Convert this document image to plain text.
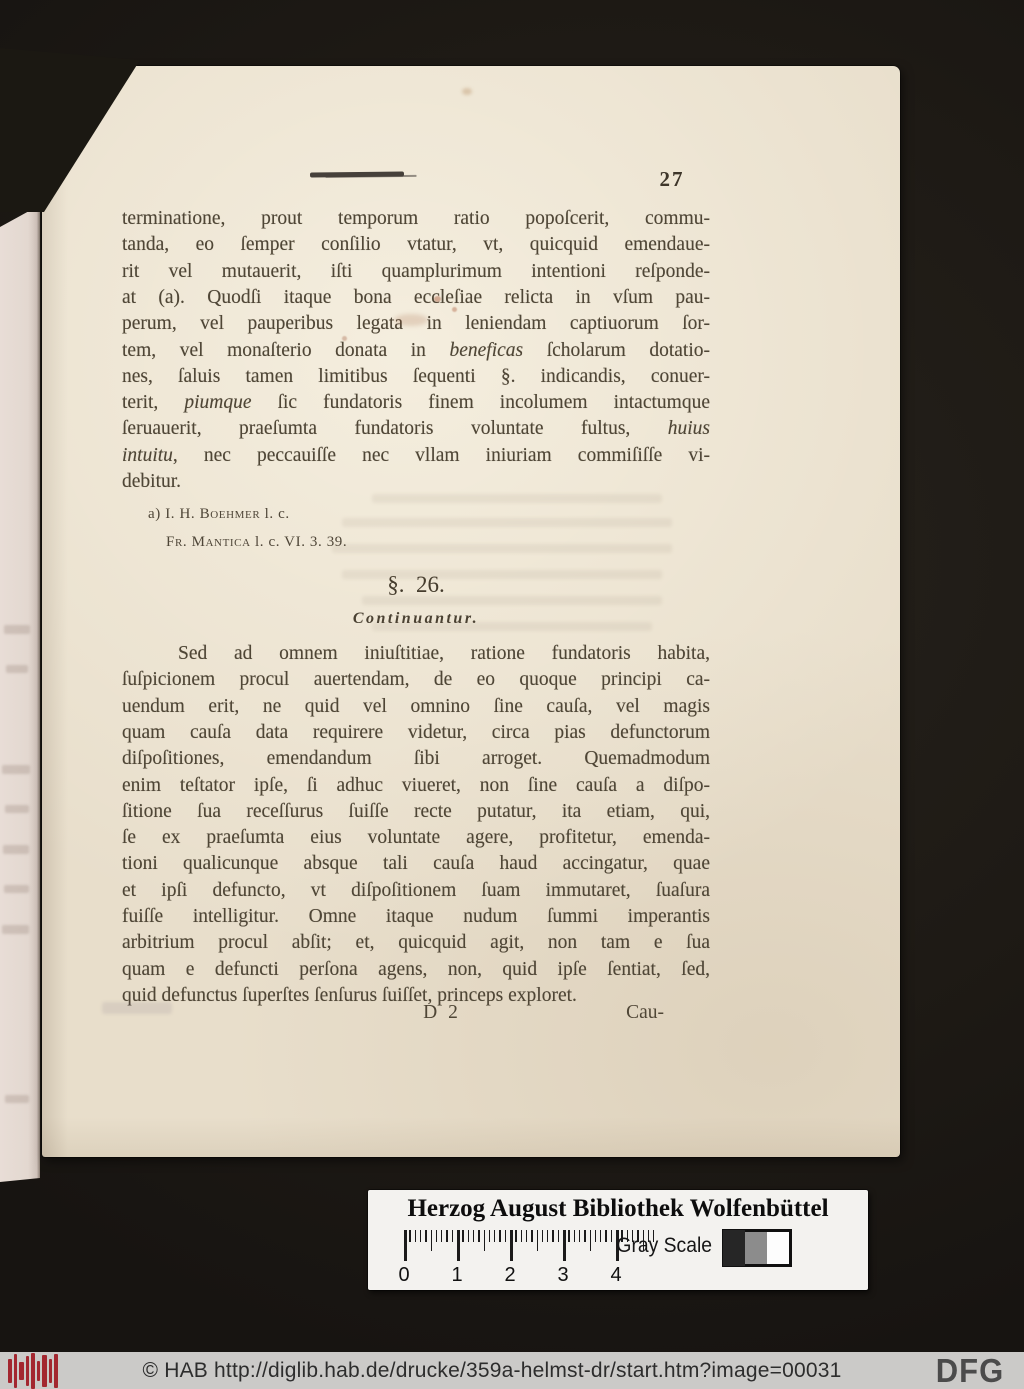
27
terminatione, prout temporum ratio popoſcerit, commu-
tanda, eo ſemper conſilio vtatur, vt, quicquid emendaue-
rit vel mutauerit, iſti quamplurimum intentioni reſponde-
at (a). Quodſi itaque bona eccleſiae relicta in vſum pau-
perum, vel pauperibus legata in leniendam captiuorum ſor-
tem, vel monaſterio donata in beneficas ſcholarum dotatio-
nes, ſaluis tamen limitibus ſequenti §. indicandis, conuer-
terit, piumque ſic fundatoris finem incolumem intactumque
ſeruauerit, praeſumta fundatoris voluntate fultus, huius
intuitu, nec peccauiſſe nec vllam iniuriam commiſiſſe vi-
debitur.
a) I. H. Boehmer l. c.
Fr. Mantica l. c. VI. 3. 39.
§.  26.
Continuantur.
Sed ad omnem iniuſtitiae, ratione fundatoris habita,
ſuſpicionem procul auertendam, de eo quoque principi ca-
uendum erit, ne quid vel omnino ſine cauſa, vel magis
quam cauſa data requirere videtur, circa pias defunctorum
diſpoſitiones, emendandum ſibi arroget. Quemadmodum
enim teſtator ipſe, ſi adhuc viueret, non ſine cauſa a diſpo-
ſitione ſua receſſurus ſuiſſe recte putatur, ita etiam, qui,
ſe ex praeſumta eius voluntate agere, profitetur, emenda-
tioni qualicunque absque tali cauſa haud accingatur, quae
et ipſi defuncto, vt diſpoſitionem ſuam immutaret, ſuaſura
fuiſſe intelligitur. Omne itaque nudum ſummi imperantis
arbitrium procul abſit; et, quicquid agit, non tam e ſua
quam e defuncti perſona agens, non, quid ipſe ſentiat, ſed,
quid defunctus ſuperſtes ſenſurus ſuiſſet, princeps exploret.
D 2	Cau-
Herzog August Bibliothek Wolfenbüttel
Gray Scale
0 1 2 3 4
© HAB http://diglib.hab.de/drucke/359a-helmst-dr/start.htm?image=00031	DFG
